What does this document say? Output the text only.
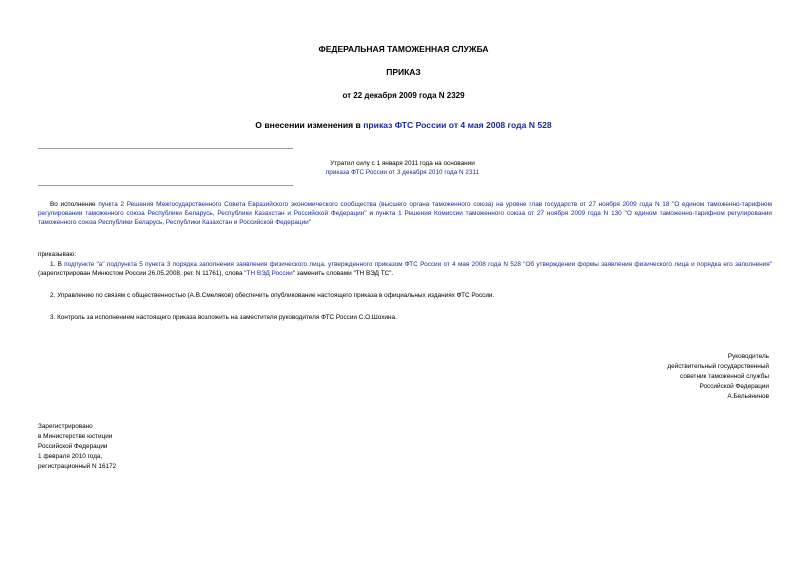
ФЕДЕРАЛЬНАЯ ТАМОЖЕННАЯ СЛУЖБА
ПРИКАЗ
от 22 декабря 2009 года N 2329
О внесении изменения в приказ ФТС России от 4 мая 2008 года N 528
Утратил силу с 1 января 2011 года на основании
приказа ФТС России от 3 декабря 2010 года N 2311
Во исполнение пункта 2 Решения Межгосударственного Совета Евразийского экономического сообщества (высшего органа таможенного союза) на уровне глав государств от 27 ноября 2009 года N 18 "О едином таможенно-тарифном регулировании таможенного союза Республики Беларусь, Республики Казахстан и Российской Федерации" и пункта 1 Решения Комиссии таможенного союза от 27 ноября 2009 года N 130 "О едином таможенно-тарифном регулировании таможенного союза Республики Беларусь, Республики Казахстан и Российской Федерации"
приказываю:
1. В подпункте "а" подпункта 5 пункта 3 порядка заполнения заявления физического лица, утвержденного приказом ФТС России от 4 мая 2008 года N 528 "Об утверждении формы заявления физического лица и порядка его заполнения" (зарегистрирован Минюстом России 26.05.2008, рег. N 11761), слова "ТН ВЭД России" заменить словами "ТН ВЭД ТС".
2. Управлению по связям с общественностью (А.В.Смеляков) обеспечить опубликование настоящего приказа в официальных изданиях ФТС России.
3. Контроль за исполнением настоящего приказа возложить на заместителя руководителя ФТС России С.О.Шохина.
Руководитель
действительный государственный
советник таможенной службы
Российской Федерации
А.Бельянинов
Зарегистрировано
в Министерстве юстиции
Российской Федерации
1 февраля 2010 года,
регистрационный N 16172
